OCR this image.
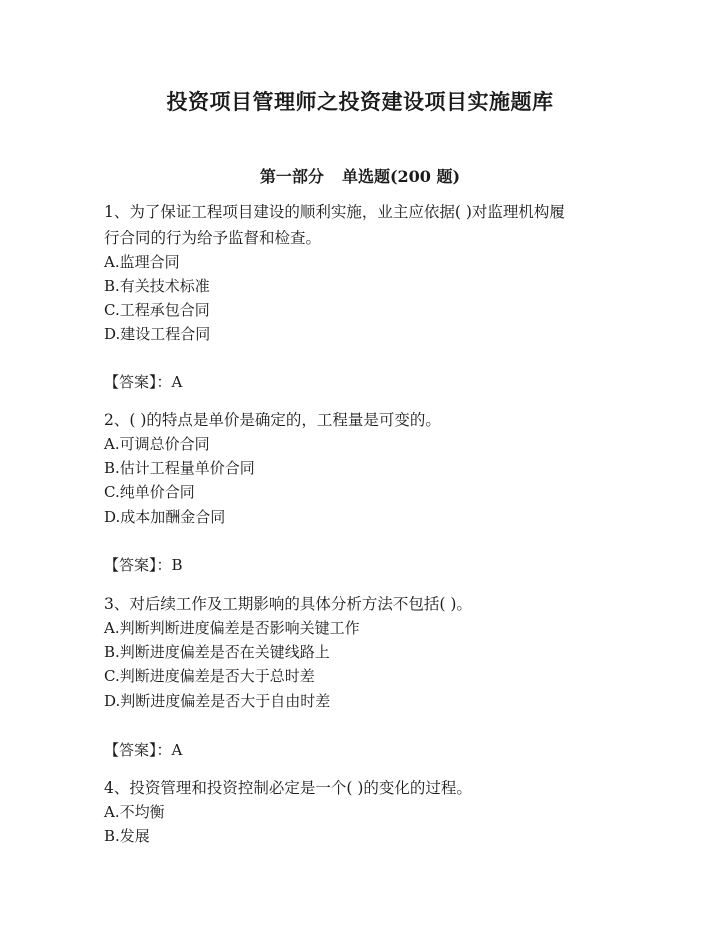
投资项目管理师之投资建设项目实施题库
第一部分 单选题(200 题)
1、为了保证工程项目建设的顺利实施，业主应依据( )对监理机构履
行合同的行为给予监督和检查。
A.监理合同
B.有关技术标准
C.工程承包合同
D.建设工程合同
【答案】：A
2、( )的特点是单价是确定的，工程量是可变的。
A.可调总价合同
B.估计工程量单价合同
C.纯单价合同
D.成本加酬金合同
【答案】：B
3、对后续工作及工期影响的具体分析方法不包括( )。
A.判断判断进度偏差是否影响关键工作
B.判断进度偏差是否在关键线路上
C.判断进度偏差是否大于总时差
D.判断进度偏差是否大于自由时差
【答案】：A
4、投资管理和投资控制必定是一个( )的变化的过程。
A.不均衡
B.发展
